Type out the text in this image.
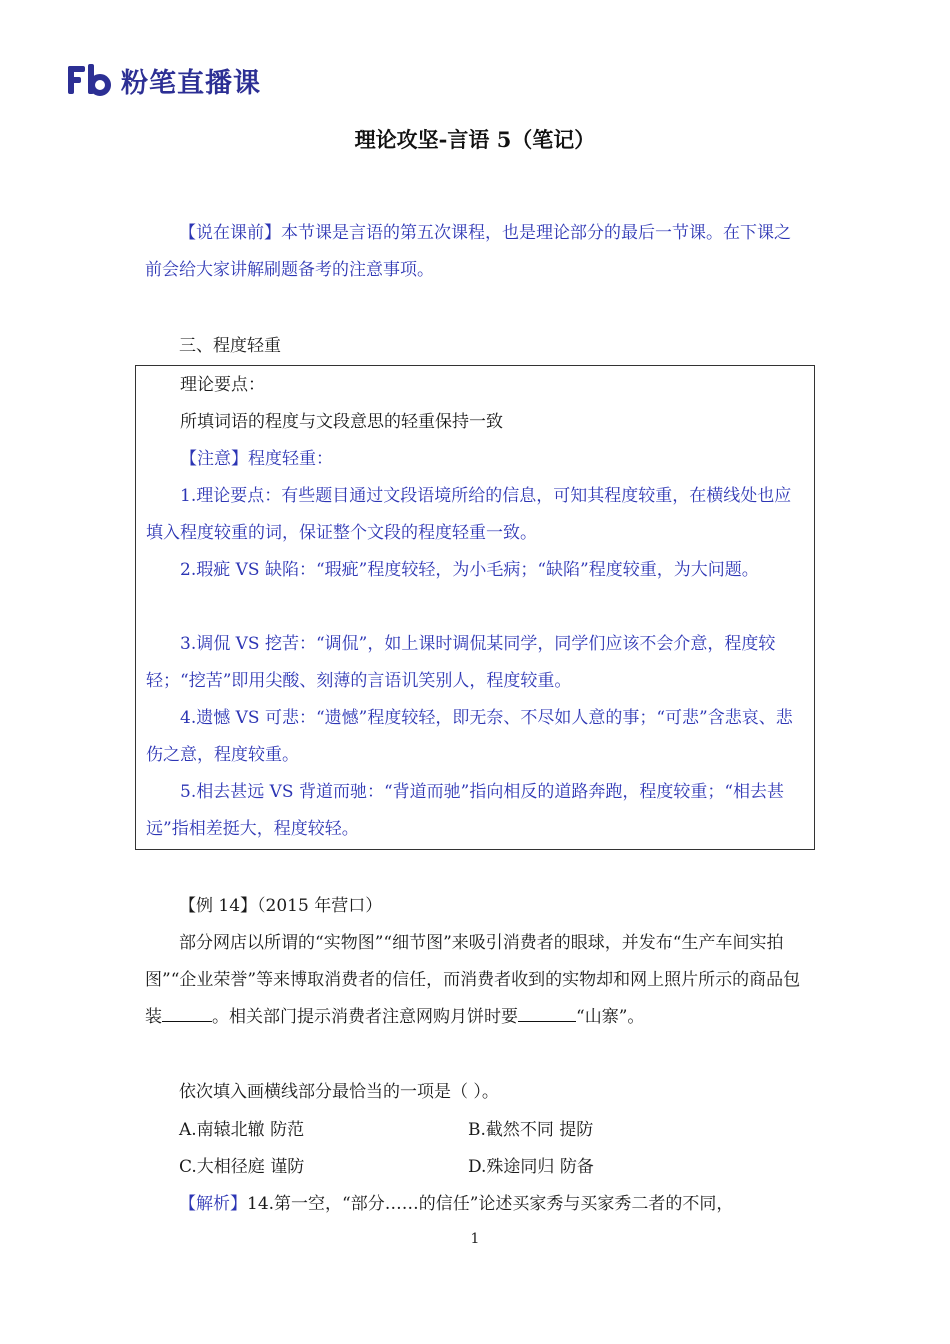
粉笔直播课
理论攻坚-言语 5（笔记）
【说在课前】本节课是言语的第五次课程，也是理论部分的最后一节课。在下课之前会给大家讲解刷题备考的注意事项。
三、程度轻重
理论要点：
所填词语的程度与文段意思的轻重保持一致
【注意】程度轻重：
1.理论要点：有些题目通过文段语境所给的信息，可知其程度较重，在横线处也应填入程度较重的词，保证整个文段的程度轻重一致。
2.瑕疵 VS 缺陷：“瑕疵”程度较轻，为小毛病；“缺陷”程度较重，为大问题。
3.调侃 VS 挖苦：“调侃”，如上课时调侃某同学，同学们应该不会介意，程度较轻；“挖苦”即用尖酸、刻薄的言语讥笑别人，程度较重。
4.遗憾 VS 可悲：“遗憾”程度较轻，即无奈、不尽如人意的事；“可悲”含悲哀、悲伤之意，程度较重。
5.相去甚远 VS 背道而驰：“背道而驰”指向相反的道路奔跑，程度较重；“相去甚远”指相差挺大，程度较轻。
【例 14】（2015 年营口）
部分网店以所谓的“实物图”“细节图”来吸引消费者的眼球，并发布“生产车间实拍图”“企业荣誉”等来博取消费者的信任，而消费者收到的实物却和网上照片所示的商品包装	。相关部门提示消费者注意网购月饼时要	“山寨”。
依次填入画横线部分最恰当的一项是（ ）。
A.南辕北辙 防范	B.截然不同 提防
C.大相径庭 谨防	D.殊途同归 防备
【解析】14.第一空，“部分……的信任”论述买家秀与买家秀二者的不同，
1
